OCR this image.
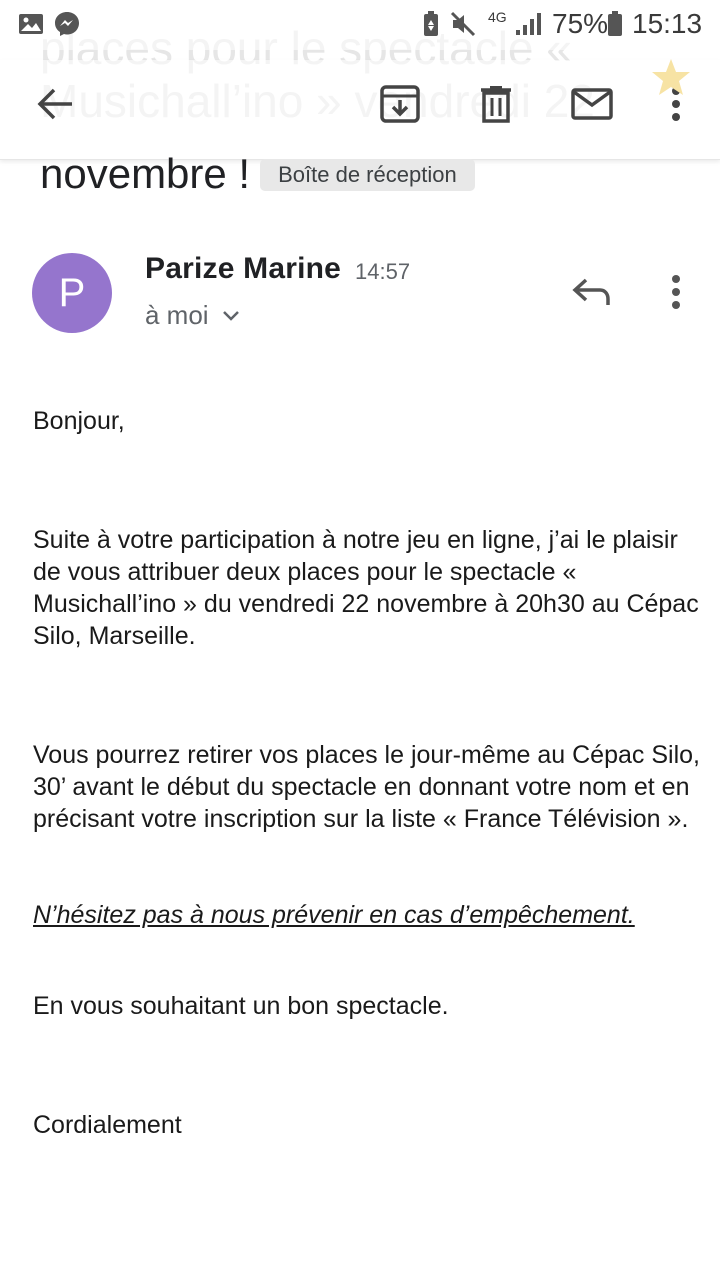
4G 75% 15:13
novembre !	Boîte de réception
P
Parize Marine 14:57
à moi
Bonjour,
Suite à votre participation à notre jeu en ligne, j’ai le plaisir de vous attribuer deux places pour le spectacle « Musichall’ino » du vendredi 22 novembre à 20h30 au Cépac Silo, Marseille.
Vous pourrez retirer vos places le jour-même au Cépac Silo, 30’ avant le début du spectacle en donnant votre nom et en précisant votre inscription sur la liste « France Télévision ».
N’hésitez pas à nous prévenir en cas d’empêchement.
En vous souhaitant un bon spectacle.
Cordialement
